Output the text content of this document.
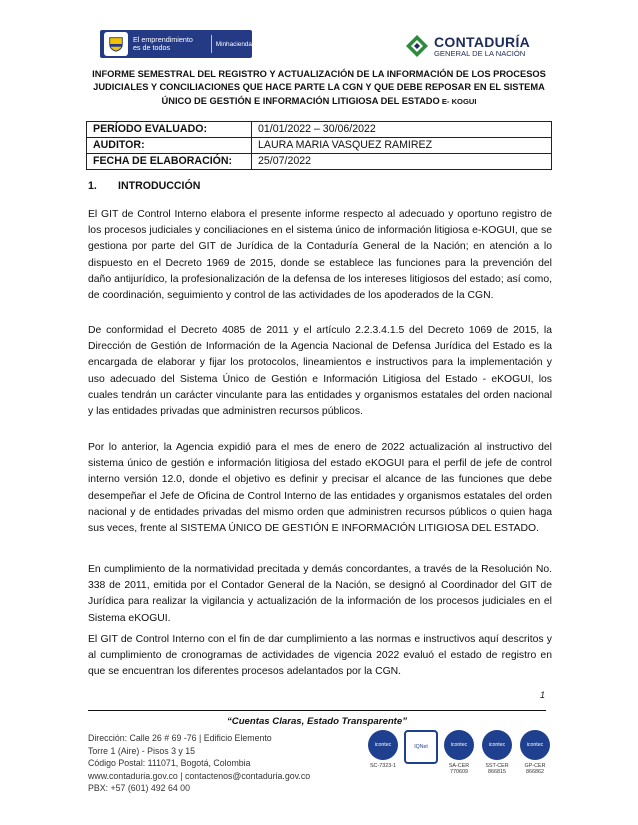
El emprendimiento
es de todos	Minhacienda	CONTADURÍA
GENERAL DE LA NACIÓN
INFORME SEMESTRAL DEL REGISTRO Y ACTUALIZACIÓN DE LA INFORMACIÓN DE LOS PROCESOS
JUDICIALES Y CONCILIACIONES QUE HACE PARTE LA CGN Y QUE DEBE REPOSAR EN EL SISTEMA
ÚNICO DE GESTIÓN E INFORMACIÓN LITIGIOSA DEL ESTADO E- KOGUI
PERÍODO EVALUADO:	01/01/2022 – 30/06/2022
AUDITOR:	LAURA MARIA VASQUEZ RAMIREZ
FECHA DE ELABORACIÓN:	25/07/2022
1. INTRODUCCIÓN
El GIT de Control Interno elabora el presente informe respecto al adecuado y oportuno registro de los procesos judiciales y conciliaciones en el sistema único de información litigiosa e-KOGUI, que se gestiona por parte del GIT de Jurídica de la Contaduría General de la Nación; en atención a lo dispuesto en el Decreto 1969 de 2015, donde se establece las funciones para la prevención del daño antijurídico, la profesionalización de la defensa de los intereses litigiosos del estado; así como, de coordinación, seguimiento y control de las actividades de los apoderados de la CGN.
De conformidad el Decreto 4085 de 2011 y el artículo 2.2.3.4.1.5 del Decreto 1069 de 2015, la Dirección de Gestión de Información de la Agencia Nacional de Defensa Jurídica del Estado es la encargada de elaborar y fijar los protocolos, lineamientos e instructivos para la implementación y uso adecuado del Sistema Único de Gestión e Información Litigiosa del Estado - eKOGUI, los cuales tendrán un carácter vinculante para las entidades y organismos estatales del orden nacional y las entidades privadas que administren recursos públicos.
Por lo anterior, la Agencia expidió para el mes de enero de 2022 actualización al instructivo del sistema único de gestión e información litigiosa del estado eKOGUI para el perfil de jefe de control interno versión 12.0, donde el objetivo es definir y precisar el alcance de las funciones que debe desempeñar el Jefe de Oficina de Control Interno de las entidades y organismos estatales del orden nacional y de entidades privadas del mismo orden que administren recursos públicos o quien haga sus veces, frente al SISTEMA ÚNICO DE GESTIÓN E INFORMACIÓN LITIGIOSA DEL ESTADO.
En cumplimiento de la normatividad precitada y demás concordantes, a través de la Resolución No. 338 de 2011, emitida por el Contador General de la Nación, se designó al Coordinador del GIT de Jurídica para realizar la vigilancia y actualización de la información de los procesos judiciales en el Sistema eKOGUI.
El GIT de Control Interno con el fin de dar cumplimiento a las normas e instructivos aquí descritos y al cumplimiento de cronogramas de actividades de vigencia 2022 evaluó el estado de registro en que se encuentran los diferentes procesos adelantados por la CGN.
1
“Cuentas Claras, Estado Transparente”
Dirección: Calle 26 # 69 -76 | Edificio Elemento
Torre 1 (Aire) - Pisos 3 y 15
Código Postal: 111071, Bogotá, Colombia
www.contaduria.gov.co | contactenos@contaduria.gov.co
PBX: +57 (601) 492 64 00
icontec
SC-7323-1
IQNet	icontec
SA-CER 770609
icontec
SST-CER 866815
icontec
GP-CER 866862
